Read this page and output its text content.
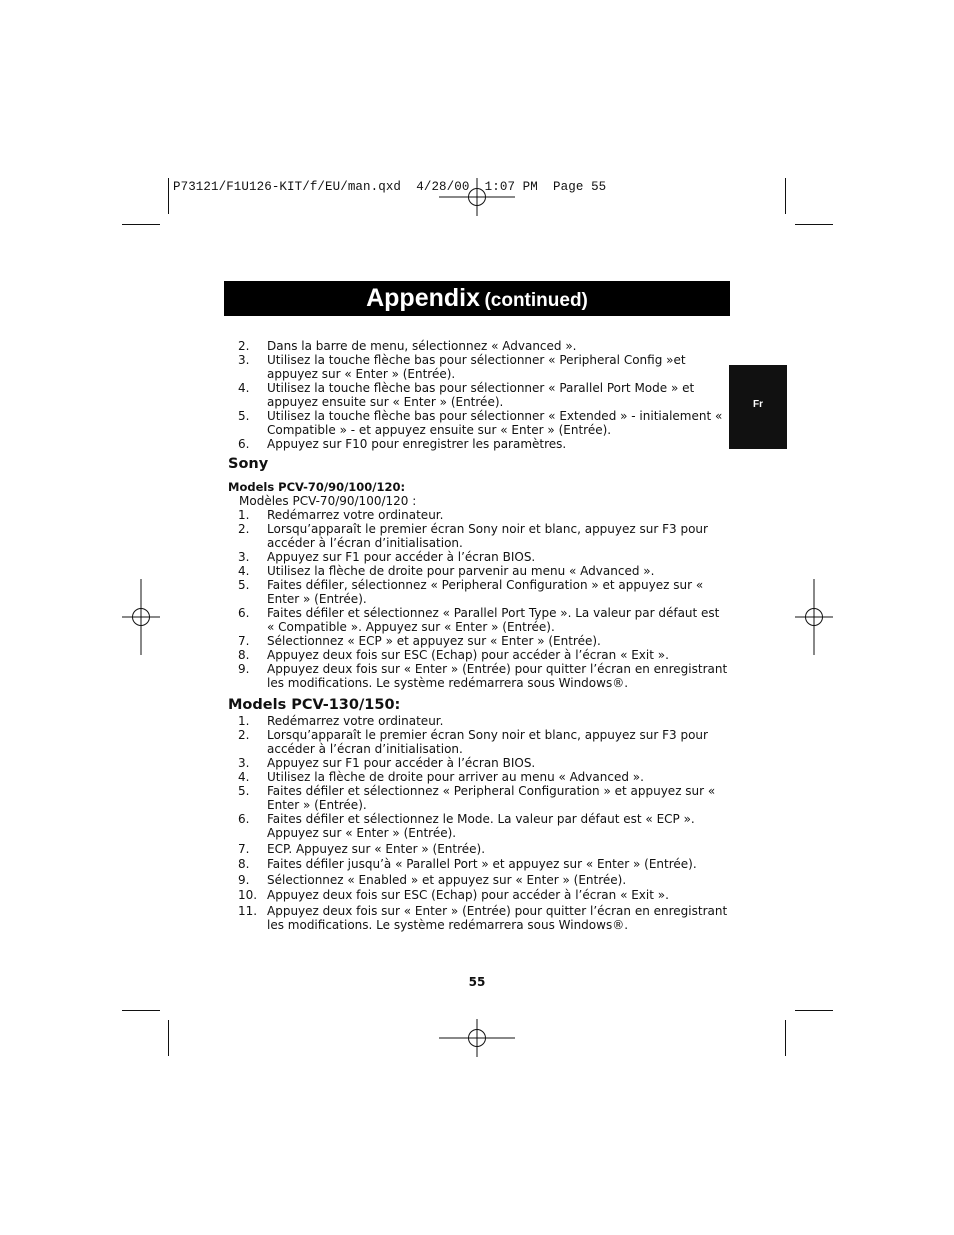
P73121/F1U126-KIT/f/EU/man.qxd  4/28/00  1:07 PM  Page 55
Appendix (continued)
Fr
2. Dans la barre de menu, sélectionnez « Advanced ».
3. Utilisez la touche flèche bas pour sélectionner « Peripheral Config »et appuyez sur « Enter » (Entrée).
4. Utilisez la touche flèche bas pour sélectionner « Parallel Port Mode » et appuyez ensuite sur « Enter » (Entrée).
5. Utilisez la touche flèche bas pour sélectionner « Extended » - initialement « Compatible » - et appuyez ensuite sur « Enter » (Entrée).
6. Appuyez sur F10 pour enregistrer les paramètres.
Sony
Models PCV-70/90/100/120:
Modèles PCV-70/90/100/120 :
1. Redémarrez votre ordinateur.
2. Lorsqu’apparaît le premier écran Sony noir et blanc, appuyez sur F3 pour accéder à l’écran d’initialisation.
3. Appuyez sur F1 pour accéder à l’écran BIOS.
4. Utilisez la flèche de droite pour parvenir au menu « Advanced ».
5. Faites défiler, sélectionnez « Peripheral Configuration » et appuyez sur « Enter » (Entrée).
6. Faites défiler et sélectionnez « Parallel Port Type ». La valeur par défaut est « Compatible ». Appuyez sur « Enter » (Entrée).
7. Sélectionnez « ECP » et appuyez sur « Enter » (Entrée).
8. Appuyez deux fois sur ESC (Echap) pour accéder à l’écran « Exit ».
9. Appuyez deux fois sur « Enter » (Entrée) pour quitter l’écran en enregistrant les modifications. Le système redémarrera sous Windows®.
Models PCV-130/150:
1. Redémarrez votre ordinateur.
2. Lorsqu’apparaît le premier écran Sony noir et blanc, appuyez sur F3 pour accéder à l’écran d’initialisation.
3. Appuyez sur F1 pour accéder à l’écran BIOS.
4. Utilisez la flèche de droite pour arriver au menu « Advanced ».
5. Faites défiler et sélectionnez « Peripheral Configuration » et appuyez sur « Enter » (Entrée).
6. Faites défiler et sélectionnez le Mode. La valeur par défaut est « ECP ». Appuyez sur « Enter » (Entrée).
7. ECP. Appuyez sur « Enter » (Entrée).
8. Faites défiler jusqu’à « Parallel Port » et appuyez sur « Enter » (Entrée).
9. Sélectionnez « Enabled » et appuyez sur « Enter » (Entrée).
10. Appuyez deux fois sur ESC (Echap) pour accéder à l’écran « Exit ».
11. Appuyez deux fois sur « Enter » (Entrée) pour quitter l’écran en enregistrant les modifications. Le système redémarrera sous Windows®.
55
